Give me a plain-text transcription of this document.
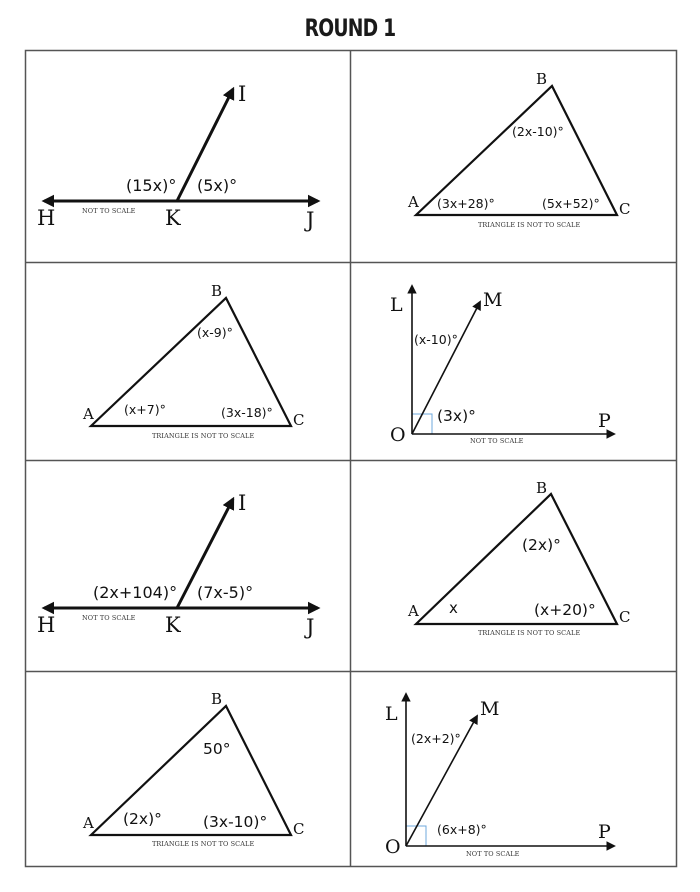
ROUND 1
H	K	J
I
(15x)° (5x)°
NOT TO SCALE	A
B
C
(3x+28)°
(2x-10)°
(5x+52)°
TRIANGLE IS NOT TO SCALE
A
B
C
(x+7)°
(x-9)°
(3x-18)°
TRIANGLE IS NOT TO SCALE
L	M
O
P
(x-10)°
(3x)°
NOT TO SCALE
H	K	J
I
(2x+104)° (7x-5)°
NOT TO SCALE	A
B
C
x
(2x)°
(x+20)°
TRIANGLE IS NOT TO SCALE
A
B
C
(2x)°
50°
(3x-10)°
TRIANGLE IS NOT TO SCALE
L	M
O
P
(2x+2)°
(6x+8)°
NOT TO SCALE
